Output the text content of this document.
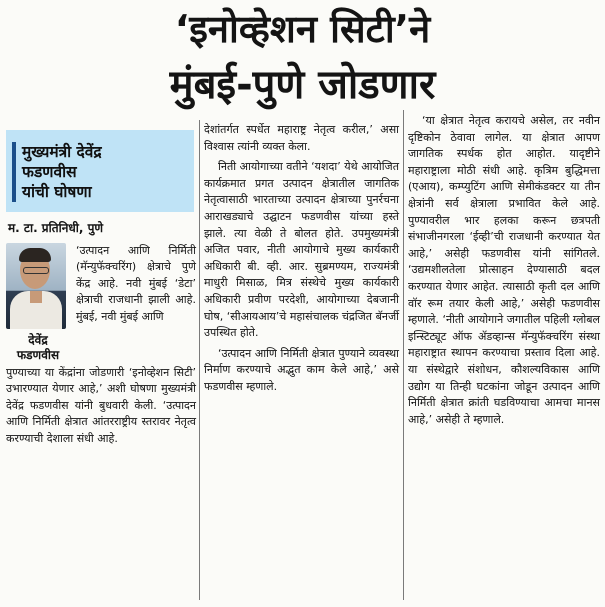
‘इनोव्हेशन सिटी’ने
मुंबई-पुणे जोडणार
मुख्यमंत्री देवेंद्र
फडणवीस
यांची घोषणा
म. टा. प्रतिनिधी, पुणे
देवेंद्र
फडणवीस
‘उत्पादन आणि निर्मिती (मॅन्युफॅक्चरिंग) क्षेत्राचे पुणे केंद्र आहे. नवी मुंबई ‘डेटा’ क्षेत्राची राजधानी झाली आहे. मुंबई, नवी मुंबई आणि

पुण्याच्या या केंद्रांना जोडणारी ‘इनोव्हेशन सिटी’ उभारण्यात येणार आहे,’ अशी घोषणा मुख्यमंत्री देवेंद्र फडणवीस यांनी बुधवारी केली. ‘उत्पादन आणि निर्मिती क्षेत्रात आंतरराष्ट्रीय स्तरावर नेतृत्व करण्याची देशाला संधी आहे.

देशांतर्गत स्पर्धेत महाराष्ट्र नेतृत्व करील,’ असा विश्वास त्यांनी व्यक्त केला.

निती आयोगाच्या वतीने ‘यशदा’ येथे आयोजित कार्यक्रमात प्रगत उत्पादन क्षेत्रातील जागतिक नेतृत्वासाठी भारताच्या उत्पादन क्षेत्राच्या पुनर्रचना आराखड्याचे उद्घाटन फडणवीस यांच्या हस्ते झाले. त्या वेळी ते बोलत होते. उपमुख्यमंत्री अजित पवार, नीती आयोगाचे मुख्य कार्यकारी अधिकारी बी. व्ही. आर. सुब्रमण्यम, राज्यमंत्री माधुरी मिसाळ, मित्र संस्थेचे मुख्य कार्यकारी अधिकारी प्रवीण परदेशी, आयोगाच्या देबजानी घोष, ‘सीआयआय’चे महासंचालक चंद्रजित बॅनर्जी उपस्थित होते.

‘उत्पादन आणि निर्मिती क्षेत्रात पुण्याने व्यवस्था निर्माण करण्याचे अद्भुत काम केले आहे,’ असे फडणवीस म्हणाले.

‘या क्षेत्रात नेतृत्व करायचे असेल, तर नवीन दृष्टिकोन ठेवावा लागेल. या क्षेत्रात आपण जागतिक स्पर्धक होत आहोत. यादृष्टीने महाराष्ट्राला मोठी संधी आहे. कृत्रिम बुद्धिमत्ता (एआय), कम्प्युटिंग आणि सेमीकंडक्टर या तीन क्षेत्रांनी सर्व क्षेत्राला प्रभावित केले आहे. पुण्यावरील भार हलका करून छत्रपती संभाजीनगरला ‘ईव्ही’ची राजधानी करण्यात येत आहे,’ असेही फडणवीस यांनी सांगितले. ‘उद्यमशीलतेला प्रोत्साहन देण्यासाठी बदल करण्यात येणार आहेत. त्यासाठी कृती दल आणि वॉर रूम तयार केली आहे,’ असेही फडणवीस म्हणाले. ‘नीती आयोगाने जगातील पहिली ग्लोबल इन्स्टिट्यूट ऑफ ॲडव्हान्स मॅन्युफॅक्चरिंग संस्था महाराष्ट्रात स्थापन करण्याचा प्रस्ताव दिला आहे. या संस्थेद्वारे संशोधन, कौशल्यविकास आणि उद्योग या तिन्ही घटकांना जोडून उत्पादन आणि निर्मिती क्षेत्रात क्रांती घडविण्याचा आमचा मानस आहे,’ असेही ते म्हणाले.
